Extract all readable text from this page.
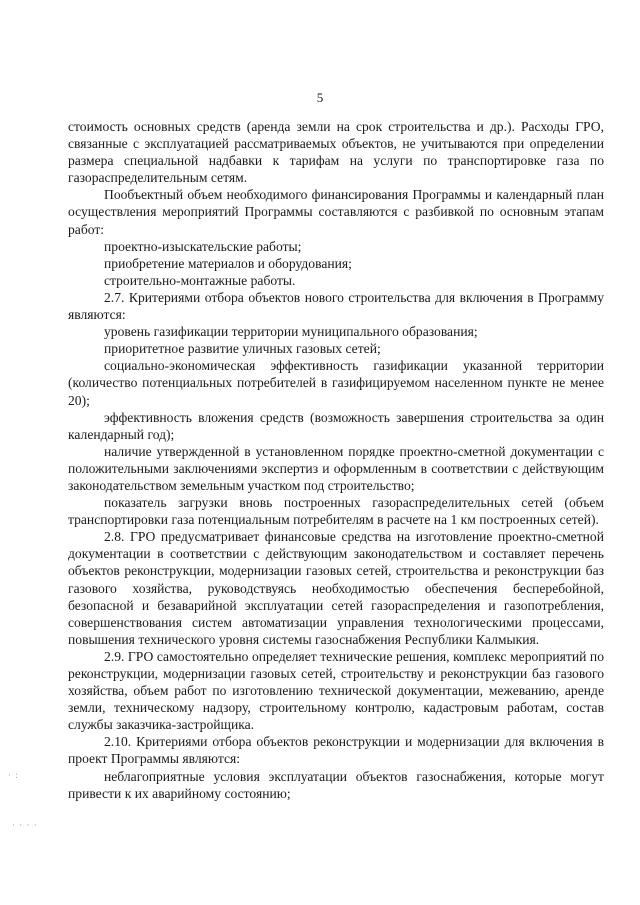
5

стоимость основных средств (аренда земли на срок строительства и др.). Расходы ГРО, связанные с эксплуатацией рассматриваемых объектов, не учитываются при определении размера специальной надбавки к тарифам на услуги по транспортировке газа по газораспределительным сетям.

Пообъектный объем необходимого финансирования Программы и календарный план осуществления мероприятий Программы составляются с разбивкой по основным этапам работ:

проектно-изыскательские работы;

приобретение материалов и оборудования;

строительно-монтажные работы.

2.7. Критериями отбора объектов нового строительства для включения в Программу являются:

уровень газификации территории муниципального образования;

приоритетное развитие уличных газовых сетей;

социально-экономическая эффективность газификации указанной территории (количество потенциальных потребителей в газифицируемом населенном пункте не менее 20);

эффективность вложения средств (возможность завершения строительства за один календарный год);

наличие утвержденной в установленном порядке проектно-сметной документации с положительными заключениями экспертиз и оформленным в соответствии с действующим законодательством земельным участком под строительство;

показатель загрузки вновь построенных газораспределительных сетей (объем транспортировки газа потенциальным потребителям в расчете на 1 км построенных сетей).

2.8. ГРО предусматривает финансовые средства на изготовление проектно-сметной документации в соответствии с действующим законодательством и составляет перечень объектов реконструкции, модернизации газовых сетей, строительства и реконструкции баз газового хозяйства, руководствуясь необходимостью обеспечения бесперебойной, безопасной и безаварийной эксплуатации сетей газораспределения и газопотребления, совершенствования систем автоматизации управления технологическими процессами, повышения технического уровня системы газоснабжения Республики Калмыкия.

2.9. ГРО самостоятельно определяет технические решения, комплекс мероприятий по реконструкции, модернизации газовых сетей, строительству и реконструкции баз газового хозяйства, объем работ по изготовлению технической документации, межеванию, аренде земли, техническому надзору, строительному контролю, кадастровым работам, состав службы заказчика-застройщика.

2.10. Критериями отбора объектов реконструкции и модернизации для включения в проект Программы являются:

неблагоприятные условия эксплуатации объектов газоснабжения, которые могут привести к их аварийному состоянию;

· :
· · · ·
